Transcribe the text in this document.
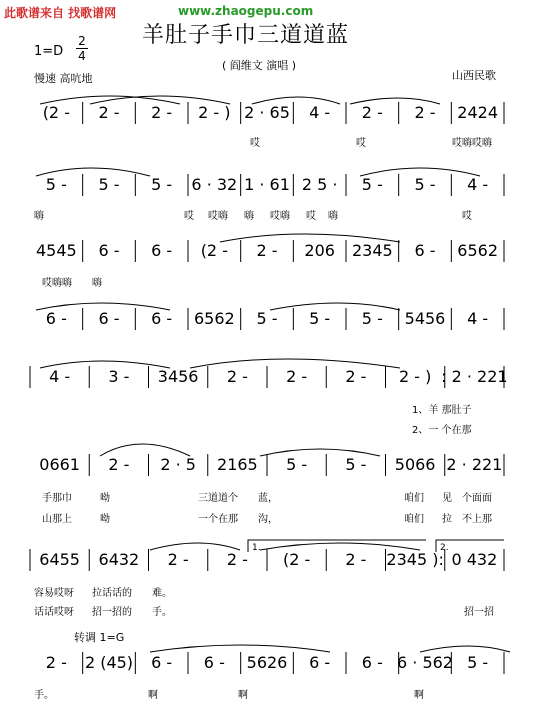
此歌谱来自 找歌谱网	www.zhaogepu.com
羊肚子手巾三道道蓝
1=D
2
4
( 阎维文 演唱 )
山西民歌
慢速 高吭地
(2 - 2 - 2 - 2 - ) 2 · 65 4 - 2 - 2 - 2424
5 - 5 - 5 - 6 · 32 1 · 61 2 5 · 5 - 5 - 4 -
4545 6 - 6 - (2 - 2 - 206 2345 6 - 6562
6 - 6 - 6 - 6562 5 - 5 - 5 - 5456 4 -
4 - 3 - 3456 2 - 2 - 2 - 2 - ) : 2 · 221
0661 2 - 2 · 5 2165 5 - 5 - 5066 2 · 221
6455 6432 2 - 2 - (2 - 2 - 2345 ): 0 432
2 - 2 (45) 6 - 6 - 5626 6 - 6 - 6 · 562 5 -
1.	2.
哎	哎	哎嗨哎嗨
嗨	哎 哎嗨 嗨 哎嗨 哎 嗨	哎
哎嗨嗨 嗨
1、羊 那肚子
2、一 个在那
手那巾	呦	三道道个 蓝，	咱们 见 个面面
山那上	呦	一个在那 沟，	咱们 拉 不上那
容易哎呀 拉话话的 难。
话话哎呀 招一招的 手。	招一招
转调 1=G
手。	啊	啊	啊
